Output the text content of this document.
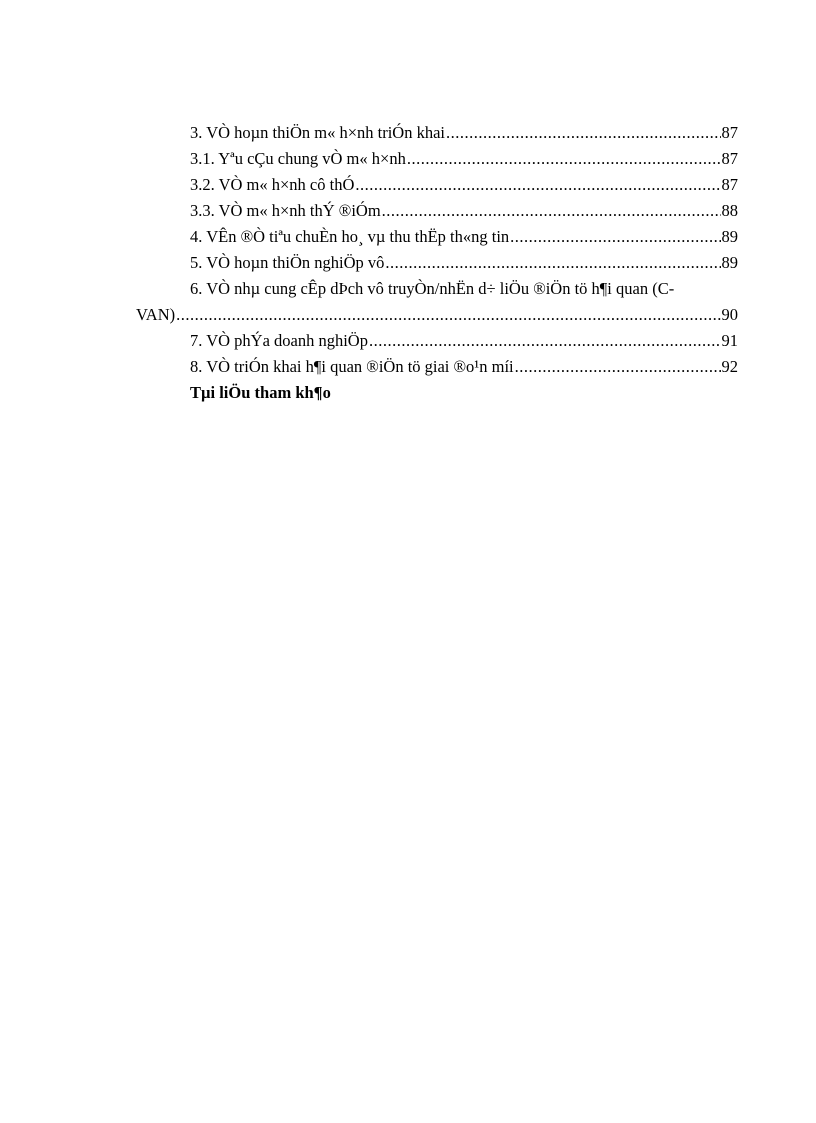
3. VÒ hoµn thiÖn m« h×nh triÓn khai .....	87
3.1. Yªu cÇu chung vÒ m« h×nh .....	87
3.2. VÒ m« h×nh cô thÓ .....	87
3.3. VÒ m« h×nh thÝ ®iÓm .....	88
4. VÊn ®Ò tiªu chuÈn ho¸ vµ thu thËp th«ng tin .....	89
5. VÒ hoµn thiÖn nghiÖp vô .....	89
6. VÒ nhµ cung cÊp dÞch vô truyÒn/nhËn d÷ liÖu ®iÖn tö h¶i quan (C-
VAN) .....	90
7. VÒ phÝa doanh nghiÖp .....	91
8. VÒ triÓn khai h¶i quan ®iÖn tö giai ®o¹n míi .....	92
Tµi liÖu tham kh¶o
